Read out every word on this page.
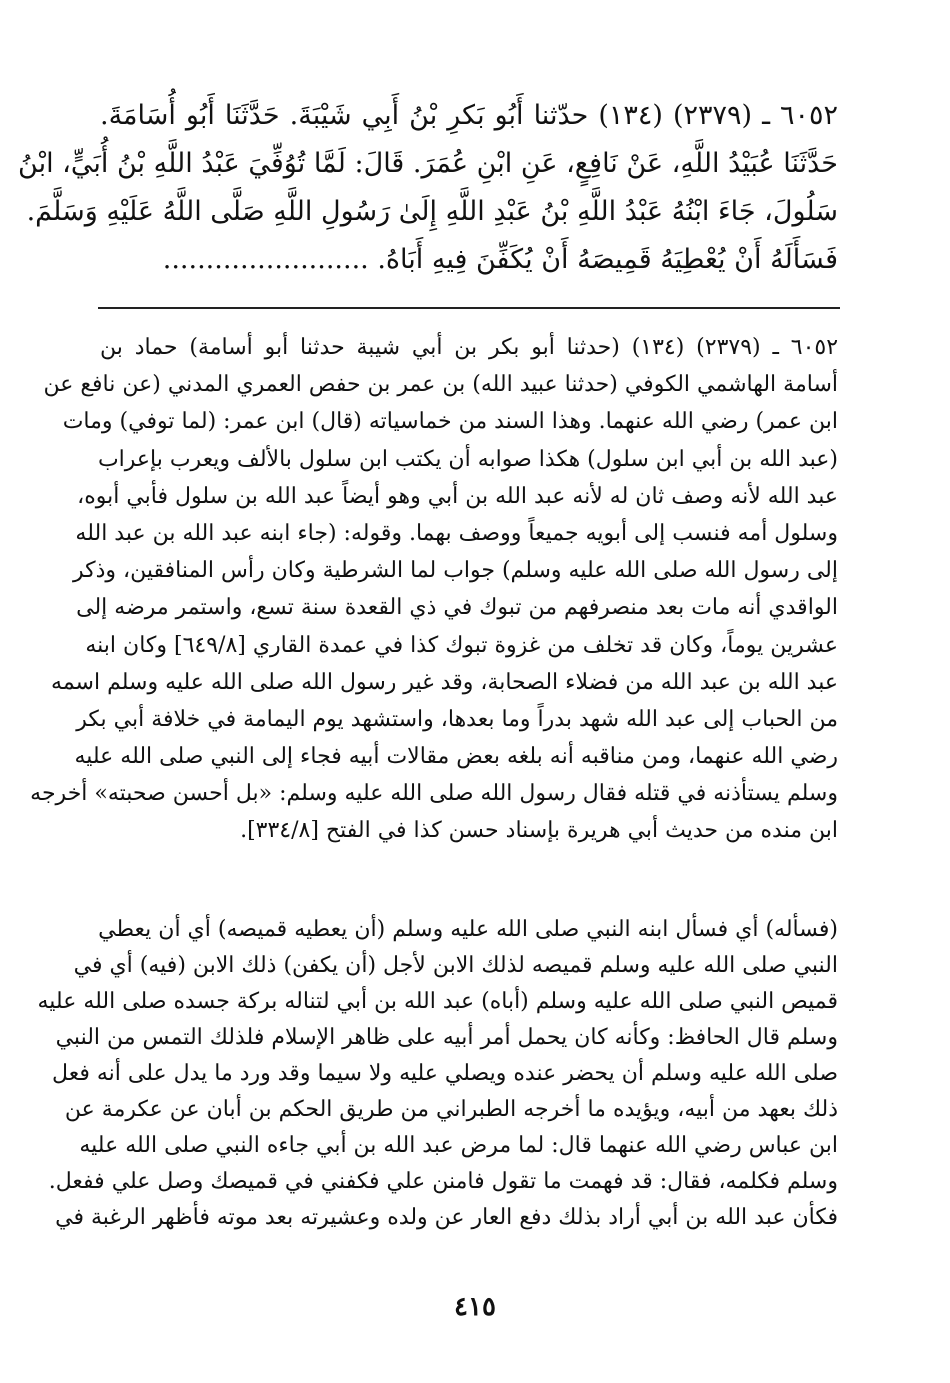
٦٠٥٢ ـ (٢٣٧٩) (١٣٤) حدّثنا أَبُو بَكرِ بْنُ أَبِي شَيْبَةَ. حَدَّثَنَا أَبُو أُسَامَةَ.
حَدَّثَنَا عُبَيْدُ اللَّهِ، عَنْ نَافِعٍ، عَنِ ابْنِ عُمَرَ. قَالَ: لَمَّا تُوُفِّيَ عَبْدُ اللَّهِ بْنُ أُبَيٍّ، ابْنُ
سَلُولَ، جَاءَ ابْنُهُ عَبْدُ اللَّهِ بْنُ عَبْدِ اللَّهِ إِلَىٰ رَسُولِ اللَّهِ صَلَّى اللَّهُ عَلَيْهِ وَسَلَّمَ.
فَسَأَلَهُ أَنْ يُعْطِيَهُ قَمِيصَهُ أَنْ يُكَفِّنَ فِيهِ أَبَاهُ. ........................
٦٠٥٢ ـ (٢٣٧٩) (١٣٤) (حدثنا أبو بكر بن أبي شيبة حدثنا أبو أسامة) حماد بن
أسامة الهاشمي الكوفي (حدثنا عبيد الله) بن عمر بن حفص العمري المدني (عن نافع عن
ابن عمر) رضي الله عنهما. وهذا السند من خماسياته (قال) ابن عمر: (لما توفي) ومات
(عبد الله بن أبي ابن سلول) هكذا صوابه أن يكتب ابن سلول بالألف ويعرب بإعراب
عبد الله لأنه وصف ثان له لأنه عبد الله بن أبي وهو أيضاً عبد الله بن سلول فأبي أبوه،
وسلول أمه فنسب إلى أبويه جميعاً ووصف بهما. وقوله: (جاء ابنه عبد الله بن عبد الله
إلى رسول الله صلى الله عليه وسلم) جواب لما الشرطية وكان رأس المنافقين، وذكر
الواقدي أنه مات بعد منصرفهم من تبوك في ذي القعدة سنة تسع، واستمر مرضه إلى
عشرين يوماً، وكان قد تخلف من غزوة تبوك كذا في عمدة القاري [٦٤٩/٨] وكان ابنه
عبد الله بن عبد الله من فضلاء الصحابة، وقد غير رسول الله صلى الله عليه وسلم اسمه
من الحباب إلى عبد الله شهد بدراً وما بعدها، واستشهد يوم اليمامة في خلافة أبي بكر
رضي الله عنهما، ومن مناقبه أنه بلغه بعض مقالات أبيه فجاء إلى النبي صلى الله عليه
وسلم يستأذنه في قتله فقال رسول الله صلى الله عليه وسلم: «بل أحسن صحبته» أخرجه
ابن منده من حديث أبي هريرة بإسناد حسن كذا في الفتح [٣٣٤/٨].
(فسأله) أي فسأل ابنه النبي صلى الله عليه وسلم (أن يعطيه قميصه) أي أن يعطي
النبي صلى الله عليه وسلم قميصه لذلك الابن لأجل (أن يكفن) ذلك الابن (فيه) أي في
قميص النبي صلى الله عليه وسلم (أباه) عبد الله بن أبي لتناله بركة جسده صلى الله عليه
وسلم قال الحافظ: وكأنه كان يحمل أمر أبيه على ظاهر الإسلام فلذلك التمس من النبي
صلى الله عليه وسلم أن يحضر عنده ويصلي عليه ولا سيما وقد ورد ما يدل على أنه فعل
ذلك بعهد من أبيه، ويؤيده ما أخرجه الطبراني من طريق الحكم بن أبان عن عكرمة عن
ابن عباس رضي الله عنهما قال: لما مرض عبد الله بن أبي جاءه النبي صلى الله عليه
وسلم فكلمه، فقال: قد فهمت ما تقول فامنن علي فكفني في قميصك وصل علي ففعل.
فكأن عبد الله بن أبي أراد بذلك دفع العار عن ولده وعشيرته بعد موته فأظهر الرغبة في
٤١٥
